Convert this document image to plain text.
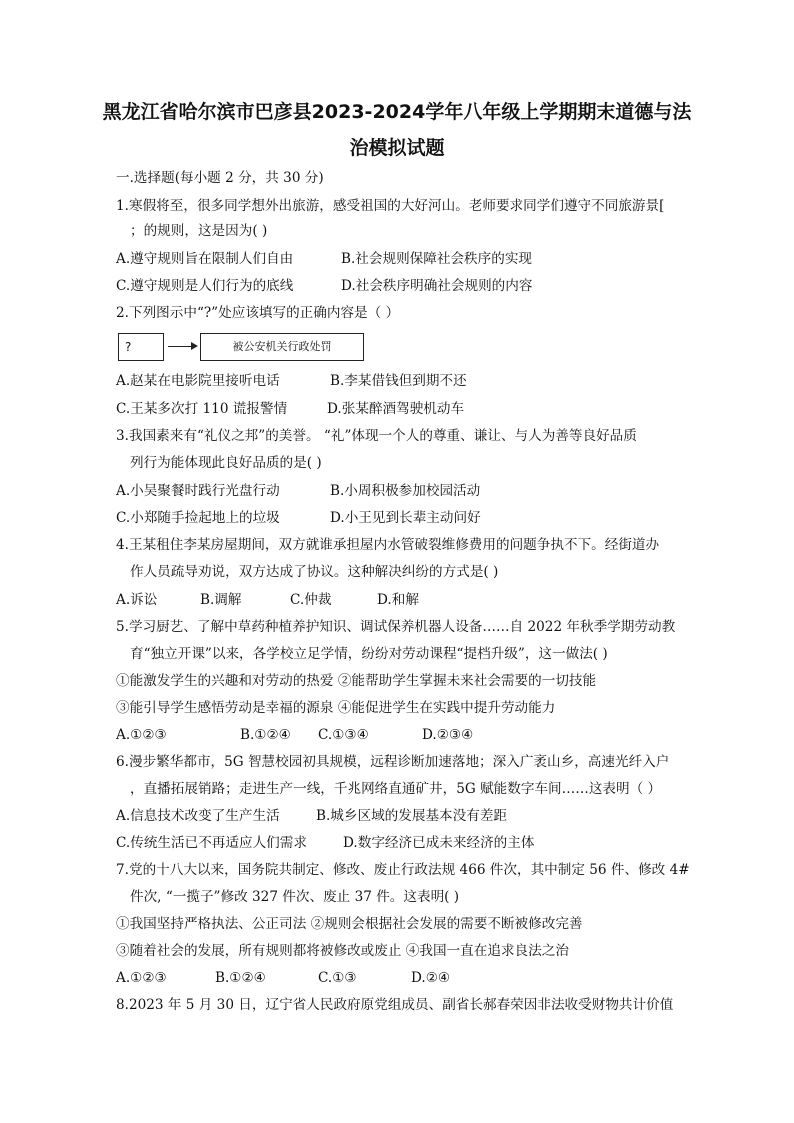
黑龙江省哈尔滨市巴彦县2023-2024学年八年级上学期期末道德与法
治模拟试题
一.选择题(每小题 2 分，共 30 分)
1.寒假将至，很多同学想外出旅游，感受祖国的大好河山。老师要求同学们遵守不同旅游景[
；的规则，这是因为( )
A.遵守规则旨在限制人们自由	B.社会规则保障社会秩序的实现
C.遵守规则是人们行为的底线	D.社会秩序明确社会规则的内容
2.下列图示中“?”处应该填写的正确内容是（ ）
?	被公安机关行政处罚
A.赵某在电影院里接听电话	B.李某借钱但到期不还
C.王某多次打 110 谎报警情	D.张某醉酒驾驶机动车
3.我国素来有“礼仪之邦”的美誉。 “礼”体现一个人的尊重、谦让、与人为善等良好品质
列行为能体现此良好品质的是( )
A.小吴聚餐时践行光盘行动	B.小周积极参加校园活动
C.小郑随手捡起地上的垃圾	D.小王见到长辈主动问好
4.王某租住李某房屋期间，双方就谁承担屋内水管破裂维修费用的问题争执不下。经街道办
作人员疏导劝说，双方达成了协议。这种解决纠纷的方式是( )
A.诉讼	B.调解	C.仲裁	D.和解
5.学习厨艺、了解中草药种植养护知识、调试保养机器人设备……自 2022 年秋季学期劳动教
育“独立开课”以来，各学校立足学情，纷纷对劳动课程“提档升级”，这一做法( )
①能激发学生的兴趣和对劳动的热爱 ②能帮助学生掌握未来社会需要的一切技能
③能引导学生感悟劳动是幸福的源泉 ④能促进学生在实践中提升劳动能力
A.①②③	B.①②④ C.①③④	D.②③④
6.漫步繁华都市，5G 智慧校园初具规模，远程诊断加速落地；深入广袤山乡，高速光纤入户
，直播拓展销路；走进生产一线，千兆网络直通矿井，5G 赋能数字车间……这表明（ ）
A.信息技术改变了生产生活	B.城乡区域的发展基本没有差距
C.传统生活已不再适应人们需求	D.数字经济已成未来经济的主体
7.党的十八大以来，国务院共制定、修改、废止行政法规 466 件次，其中制定 56 件、修改 4#
件次, “一揽子”修改 327 件次、废止 37 件。这表明( )
①我国坚持严格执法、公正司法 ②规则会根据社会发展的需要不断被修改完善
③随着社会的发展，所有规则都将被修改或废止 ④我国一直在追求良法之治
A.①②③	B.①②④	C.①③	D.②④
8.2023 年 5 月 30 日，辽宁省人民政府原党组成员、副省长郝春荣因非法收受财物共计价值
